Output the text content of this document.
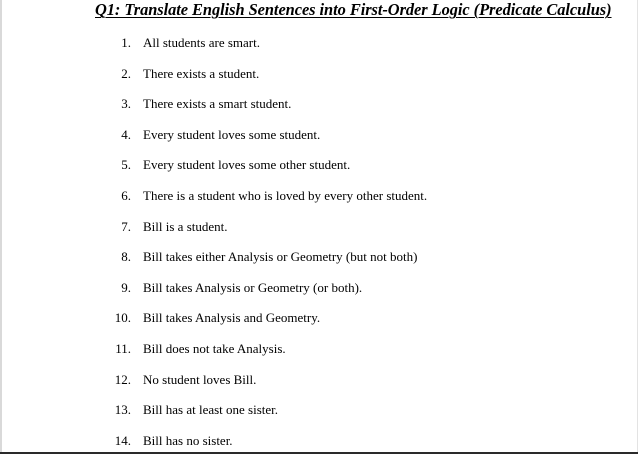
Q1: Translate English Sentences into First-Order Logic (Predicate Calculus)
1. All students are smart.
2. There exists a student.
3. There exists a smart student.
4. Every student loves some student.
5. Every student loves some other student.
6. There is a student who is loved by every other student.
7. Bill is a student.
8. Bill takes either Analysis or Geometry (but not both)
9. Bill takes Analysis or Geometry (or both).
10. Bill takes Analysis and Geometry.
11. Bill does not take Analysis.
12. No student loves Bill.
13. Bill has at least one sister.
14. Bill has no sister.
